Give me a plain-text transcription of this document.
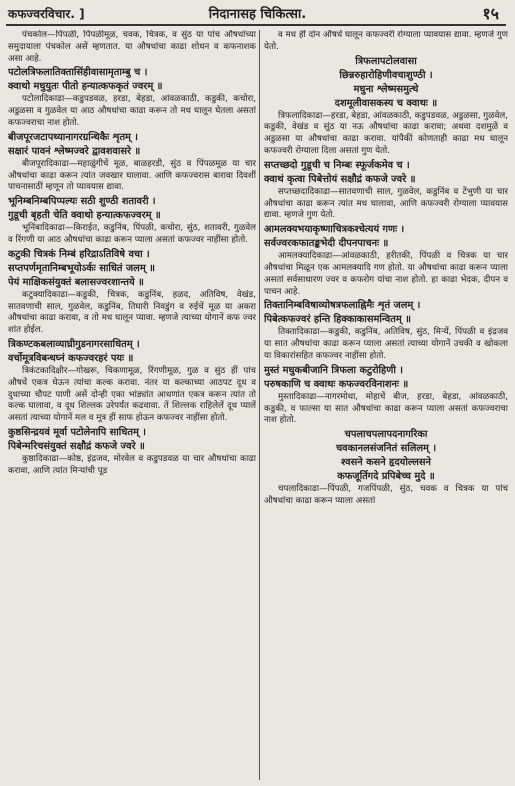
कफज्वरविचार. ]	निदानासह चिकित्सा.	१५
पंचकोल—पिंपळी, पिंपळीमूळ, चवक, चित्रक, व सुंठ या पांच औषधांच्या समुदायाला पंचकोल असें म्हणतात. या औषधांचा काढा शोधन व कफनाशक असा आहे.
पटोलत्रिफलातिक्तासिंहीवासामृताम्बु च ।
क्वाथो मधुयुतः पीतो हन्यात्कफकृतं ज्वरम् ॥
पटोलादिकाढा—कडुपडवळ, हरडा, बेहडा, आंवळकाठी, कडुकी, कचोरा, अडुळसा व गुळवेल या आठ औषधांचा काढा करून तो मध घालून घेतला असतां कफज्वराचा नाश होतो.
बीजपूरजटापथ्यानागरग्रन्थिकैः शृतम् ।
सक्षारं पावनं श्लेष्मज्वरे द्वावशवासरे ॥
बीजपूरादिकाढा—महाळुंगीचें मूळ, बाळहरडी, सुंठ व पिंपळमूळ या चार औषधांचा काढा करून त्यांत जवखार घालावा. आणि कफज्वरास बारावा दिवशीं पाचनासाठीं म्हणून तो प्यावयास द्यावा.
भूनिम्बनिम्बपिप्पल्यः सठी शुण्ठी शतावरी ।
गुडूची बृहती चेति क्वाथो हन्यात्कफज्वरम् ॥
भूनिंबादिकाढा—किराईत, कडुनिंब, पिंपळी, कचोरा, सुंठ, शतावरी, गुळवेल व रिंगणी या आठ औषधांचा काढा करून प्याला असतां कफज्वर नाहींसा होतो.
कटुकी चित्रकं निम्बं हरिद्राऽतिविषे वचा ।
सप्तपर्णमृतानिम्बभूयोऽर्कः साधितं जलम् ॥
पेयं माक्षिकसंयुक्तं बलासज्वरशान्तये ॥
कटुक्यादिकाढा—कडुकी, चित्रक, कडुनिंब, हळद, अतिविष, वेखंड, सातवणाची साल, गुळवेल, कडुनिंब, तिघारी निवडुंग व रुईचें मूळ या अकरा औषधांचा काढा करावा, व तो मध घालून प्यावा. म्हणजे त्याच्या योगानें कफ ज्वर शांत होईल.
त्रिकण्टकबलाव्याघ्रीगुडनागरसाधितम् ।
वर्चोमूत्रविबन्धघ्नं कफज्वरहरं पयः ॥
त्रिकंटकादिक्षीर—गोखरू, चिकणामूळ, रिंगणीमूळ, गुळ व सुंठ हीं पांच औषधें एकत्र घेऊन त्यांचा कल्क करावा. नंतर या कल्काच्या आठपट दूध व दुधाच्या चौपट पाणी असें दोन्ही एका भांड्यांत आधणांत एकत्र करून त्यांत तो कल्क घालावा, व दूध शिल्लक उरेपर्यंत कढवावा. तें शिल्लक राहिलेलें दूध प्यालें असतां त्याच्या योगानें मल व मूत्र हीं साफ होऊन कफज्वर नाहींसा होतो.
कुष्ठसिन्द्रयवं मूर्वा पटोलेनापि साधितम् ।
पिबेन्मरिचसंयुक्तं सक्षौद्रं कफजे ज्वरे ॥
कुष्ठादिकाढा—कोष्ठ, इंद्रजव, मोरवेल व कडुपडवळ या चार औषधांचा काढा करावा, आणि त्यांत मिऱ्यांची पूड
व मध हीं दोन औषधें घालून कफज्वरी रोग्याला प्यावयास द्यावा. म्हणजे गुण येतो.
त्रिफलापटोलवासा
छिन्नरुहारोहिणीवचाशुण्ठी ।
मधुना श्लेष्मसमुत्थे
दशमूलीवासकस्य च क्वाथः ॥
त्रिफलादिकाढा—हरडा, बेहडा, आंवळकाठी, कडुपडवळ, अडुळसा, गुळवेल, कडुकी, वेखंड व सुंठ या नऊ औषधांचा काढा करावा; अथवा दशमुळें व अडुळसा या औषधांचा काढा करावा. यांपैकीं कोणताही काढा मध घालून कफज्वरी रोग्याला दिला असतां गुण येतो.
सप्तच्छदो गुडूची च निम्बः स्फूर्जकमेव च ।
क्वाथं कृत्वा पिबेत्तोयं सक्षौद्रं कफजे ज्वरे ॥
सप्तच्छदादिकाढा—सातवणाची साल, गुळवेल, कडुनिंब व टेंभुणी या चार औषधांचा काढा करून त्यांत मध घालावा, आणि कफज्वरी रोग्याला प्यावयास द्यावा. म्हणजे गुण येतो.
आमलक्यभयाकृष्णाचित्रकश्चेत्ययं गणः ।
सर्वज्वरकफातङ्कभेदी दीपनपाचनः ॥
आमलक्यादिकाढा—आंवळकाठी, हरीतकी, पिंपळी व चित्रक या चार औषधांचा मिळून एक आमलक्यादि गण होतो. या औषधांचा काढा करून प्याला असतां सर्वसाधारण ज्वर व कफरोग यांचा नाश होतो. हा काढा भेदक, दीपन व पाचन आहे.
तिक्तानिम्बविषाव्योषत्रफलाह्निमैः शृतं जलम् ।
पिबेत्कफज्वरं हन्ति हिक्काकासमन्वितम् ॥
तिक्तादिकाढा—कडुकी, कडुनिंब, अतिविष, सुंठ, मिऱ्यें, पिंपळी व इंद्रजव या सात औषधांचा काढा करून प्याला असतां त्याच्या योगानें उचकी व खोकला या विकारांसहित कफज्वर नाहींसा होतो.
मुस्तं मधुकबीजानि त्रिफला कटुरोहिणी ।
परुषकाणि च क्वाथः कफज्वरविनाशनः ॥
मुस्तादिकाढा—नागरमोथा, मोहाचें बीज, हरडा, बेहडा, आंवळकाठी, कडुकी, व फाल्सा या सात औषधांचा काढा करून प्याला असतां कफज्वराचा नाश होतो.
चपलाचपलापदनागरिका
चवकानलसंजनितं सलिलम् ।
श्वसने कसने हृदयोल्लसने
कफजूर्तिगदे प्रपिबेच्च मुदे ॥
चपलादिकाढा—पिंपळी, गजपिंपळी, सुंठ, चवक व चित्रक या पांच औषधांचा काढा करून प्याला असतां
